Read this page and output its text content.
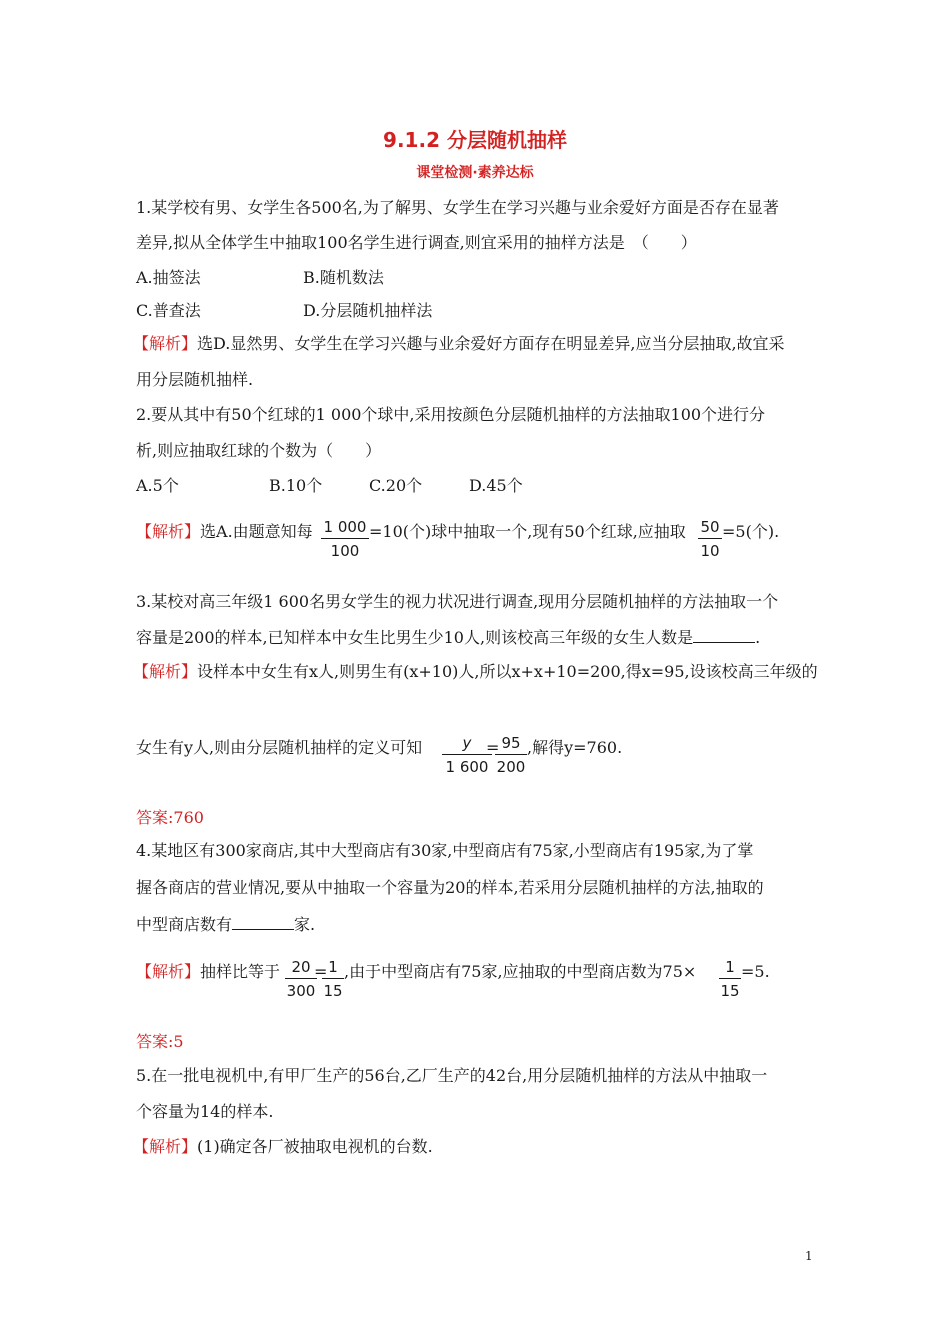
9.1.2 分层随机抽样
课堂检测·素养达标
1.某学校有男、女学生各500名,为了解男、女学生在学习兴趣与业余爱好方面是否存在显著
差异,拟从全体学生中抽取100名学生进行调查,则宜采用的抽样方法是　（　　）
A.抽签法	B.随机数法
C.普查法	D.分层随机抽样法
【解析】选D.显然男、女学生在学习兴趣与业余爱好方面存在明显差异,应当分层抽取,故宜采
用分层随机抽样.
2.要从其中有50个红球的1 000个球中,采用按颜色分层随机抽样的方法抽取100个进行分
析,则应抽取红球的个数为（　　）
A.5个	B.10个	C.20个	D.45个
【解析】选A.由题意知每 1 000
100
=10(个)球中抽取一个,现有50个红球,应抽取 50
10
=5(个).
3.某校对高三年级1 600名男女学生的视力状况进行调查,现用分层随机抽样的方法抽取一个
容量是200的样本,已知样本中女生比男生少10人,则该校高三年级的女生人数是	.
【解析】设样本中女生有x人,则男生有(x+10)人,所以x+x+10=200,得x=95,设该校高三年级的
女生有y人,则由分层随机抽样的定义可知	y
1 600
= 95
200
,解得y=760.
答案:760
4.某地区有300家商店,其中大型商店有30家,中型商店有75家,小型商店有195家,为了掌
握各商店的营业情况,要从中抽取一个容量为20的样本,若采用分层随机抽样的方法,抽取的
中型商店数有	家.
【解析】抽样比等于 20
300
= 1
15
,由于中型商店有75家,应抽取的中型商店数为75×	1
15
=5.
答案:5
5.在一批电视机中,有甲厂生产的56台,乙厂生产的42台,用分层随机抽样的方法从中抽取一
个容量为14的样本.
【解析】(1)确定各厂被抽取电视机的台数.
1
